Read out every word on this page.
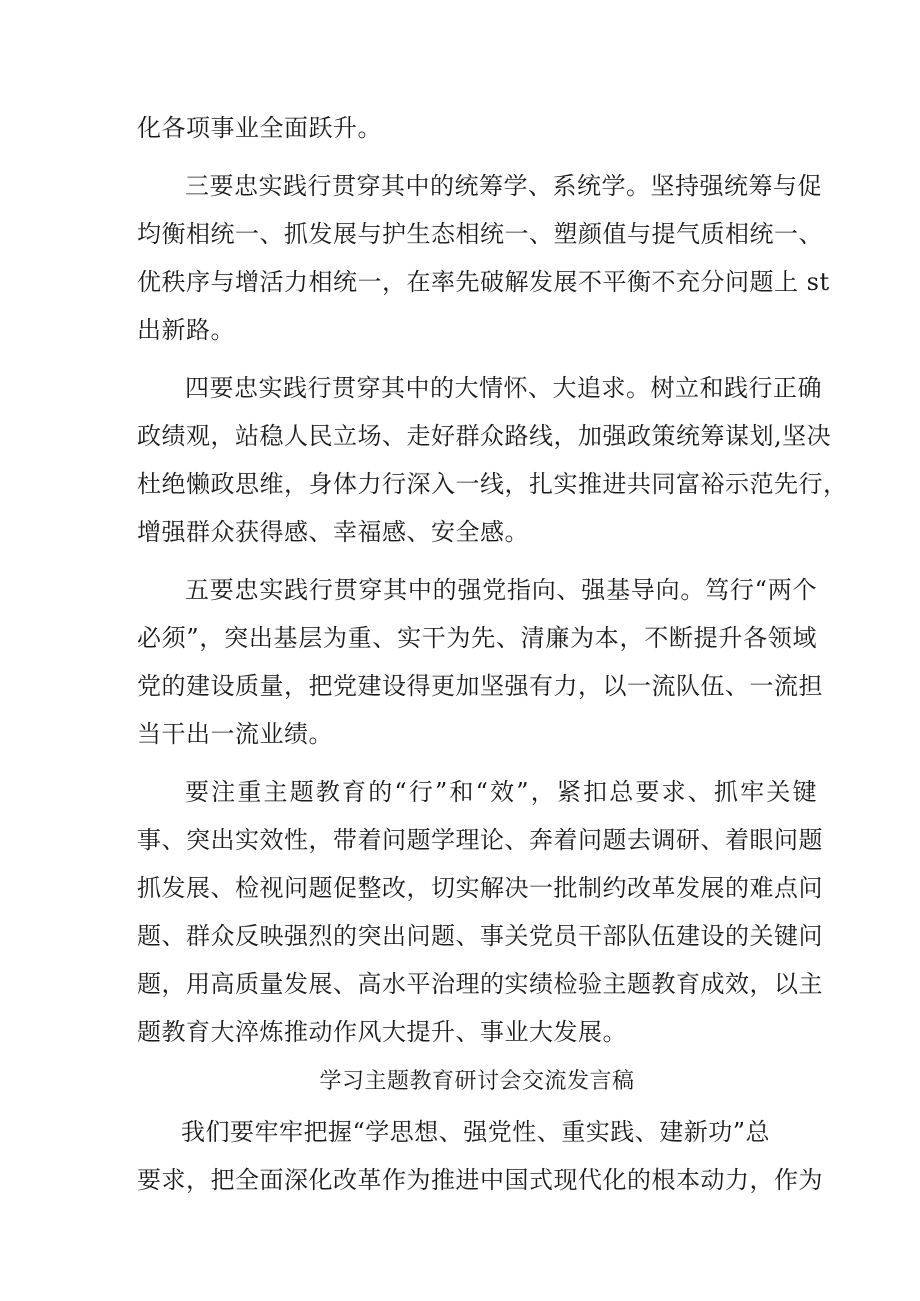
化各项事业全面跃升。
三要忠实践行贯穿其中的统筹学、系统学。坚持强统筹与促
均衡相统一、抓发展与护生态相统一、塑颜值与提气质相统一、
优秩序与增活力相统一，在率先破解发展不平衡不充分问题上 st
出新路。
四要忠实践行贯穿其中的大情怀、大追求。树立和践行正确
政绩观，站稳人民立场、走好群众路线，加强政策统筹谋划,坚决
杜绝懒政思维，身体力行深入一线，扎实推进共同富裕示范先行，
增强群众获得感、幸福感、安全感。
五要忠实践行贯穿其中的强党指向、强基导向。笃行“两个
必须”，突出基层为重、实干为先、清廉为本，不断提升各领域
党的建设质量，把党建设得更加坚强有力，以一流队伍、一流担
当干出一流业绩。
要注重主题教育的“行”和“效”，紧扣总要求、抓牢关键
事、突出实效性，带着问题学理论、奔着问题去调研、着眼问题
抓发展、检视问题促整改，切实解决一批制约改革发展的难点问
题、群众反映强烈的突出问题、事关党员干部队伍建设的关键问
题，用高质量发展、高水平治理的实绩检验主题教育成效，以主
题教育大淬炼推动作风大提升、事业大发展。
学习主题教育研讨会交流发言稿
我们要牢牢把握“学思想、强党性、重实践、建新功”总
要求，把全面深化改革作为推进中国式现代化的根本动力，作为
